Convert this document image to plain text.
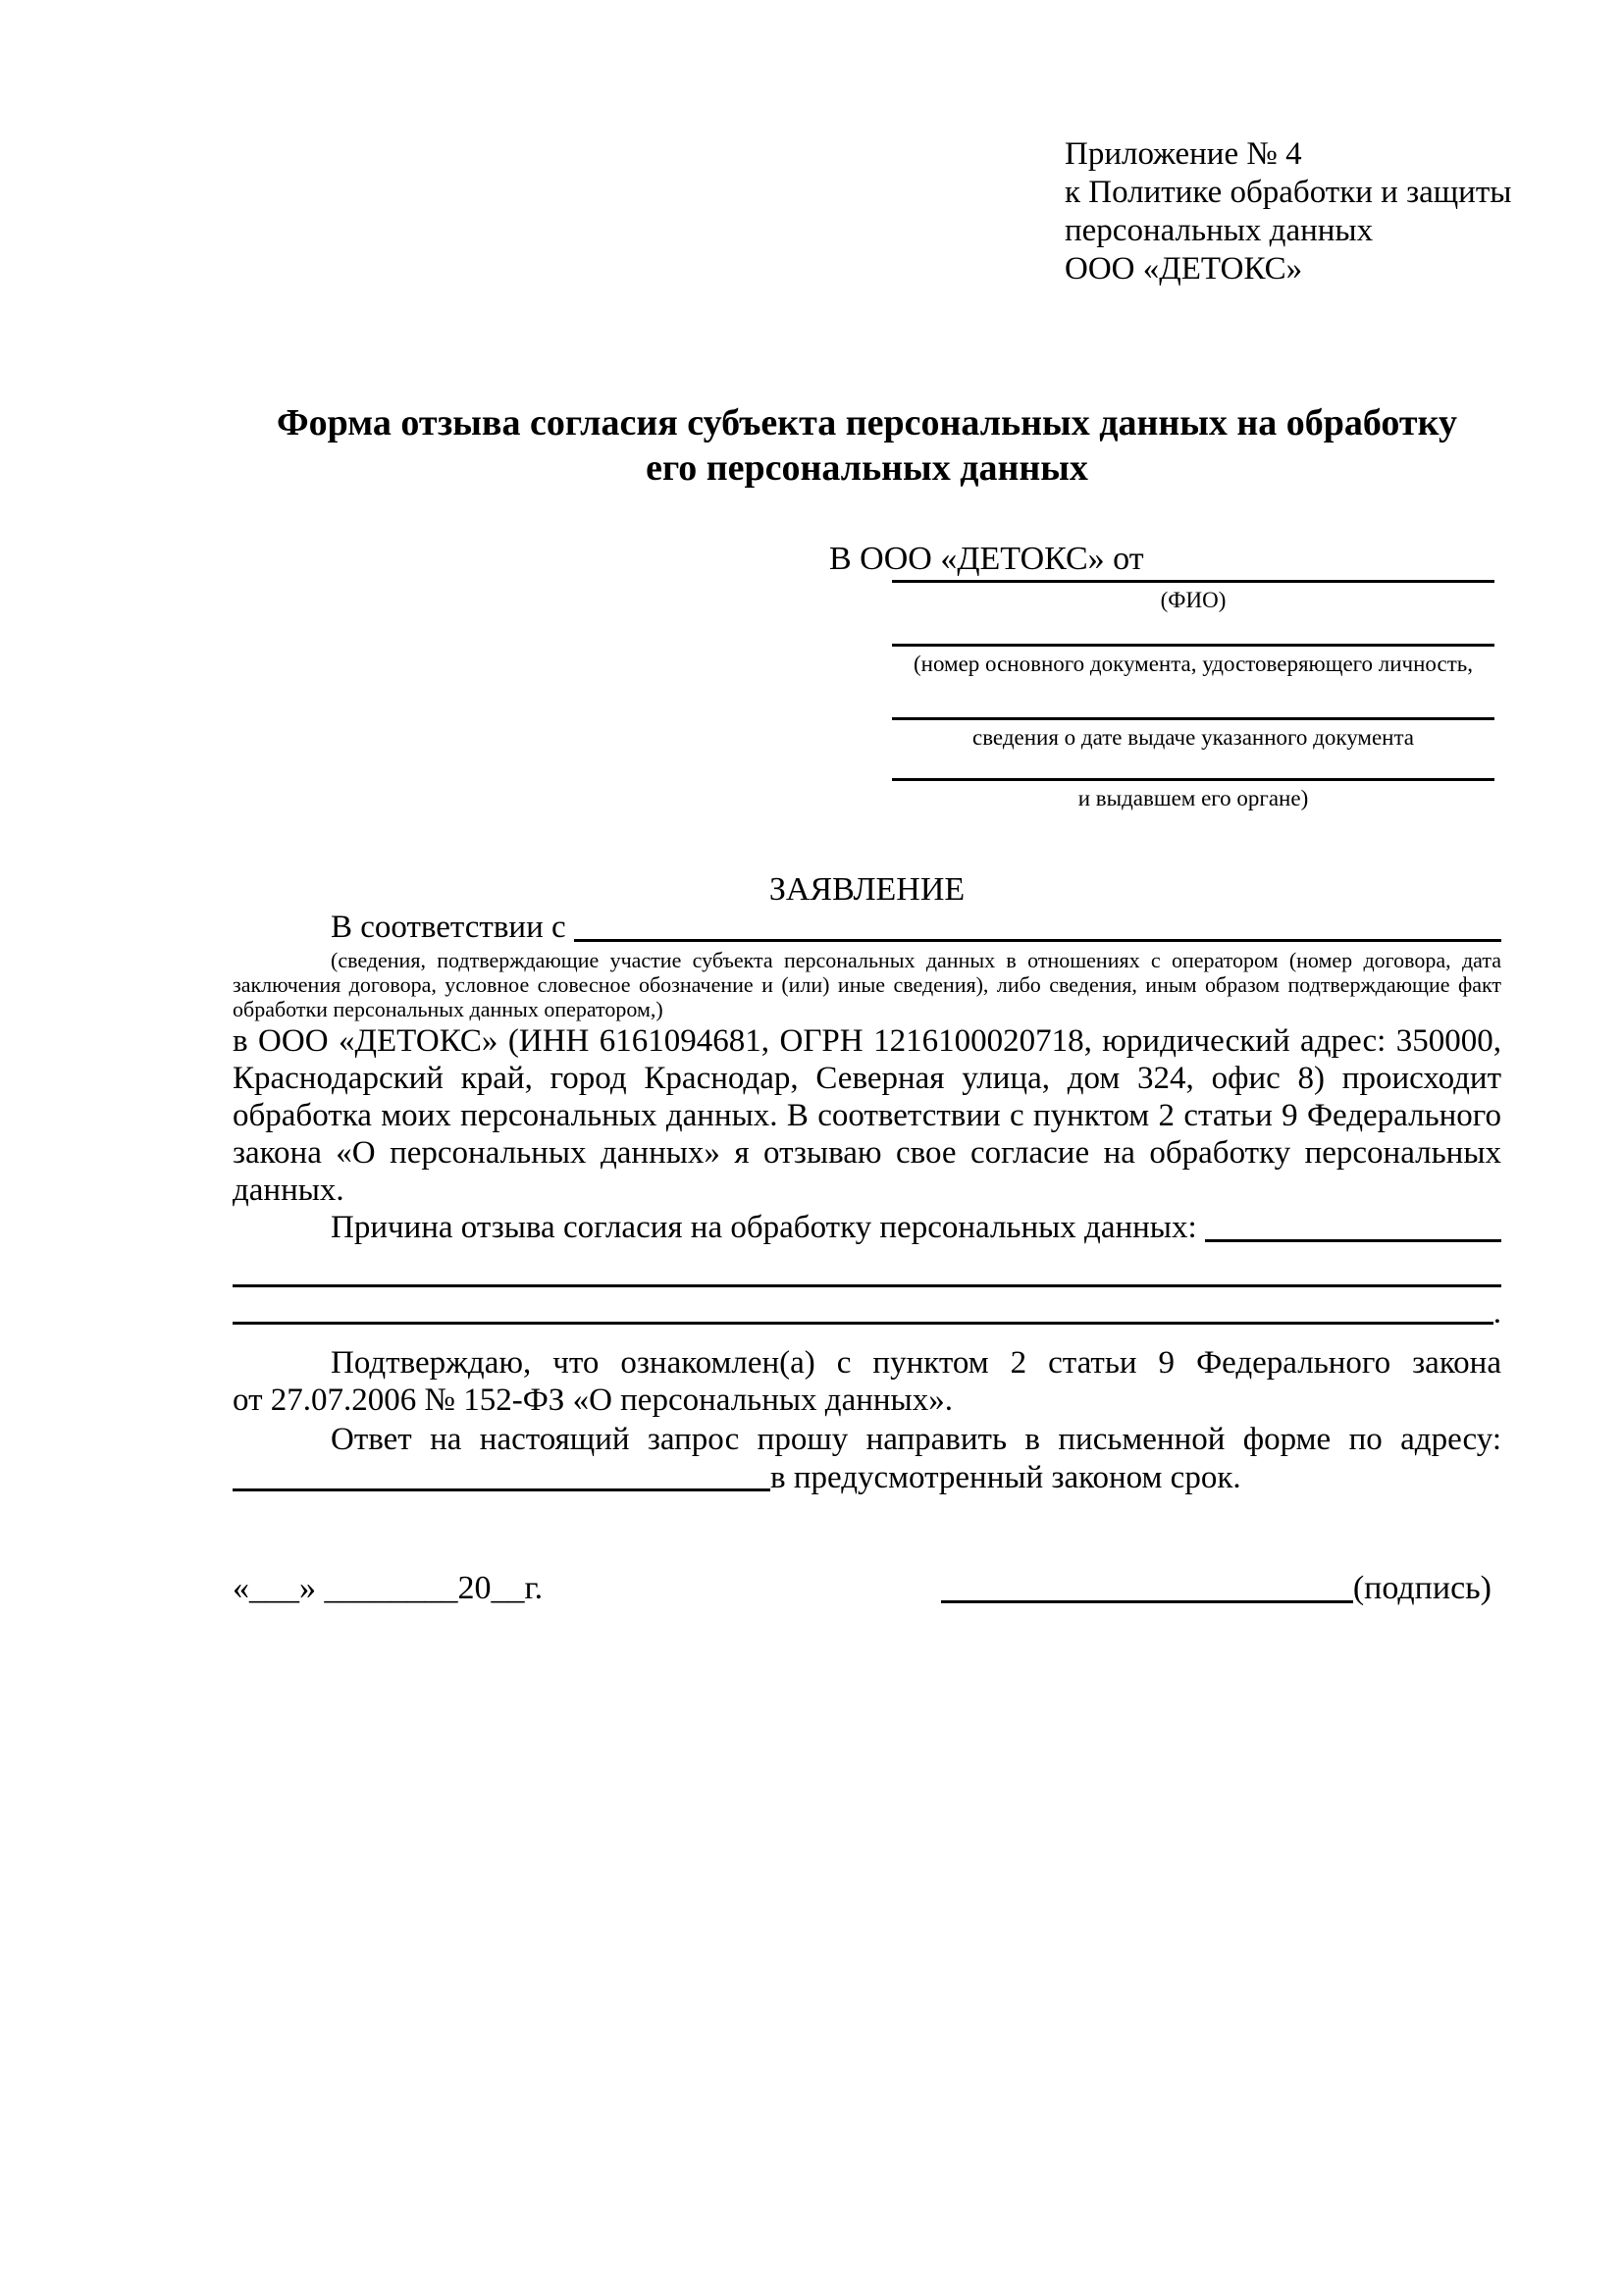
Приложение № 4
к Политике обработки и защиты
персональных данных
ООО «ДЕТОКС»
Форма отзыва согласия субъекта персональных данных на обработку
его персональных данных
В ООО «ДЕТОКС» от
(ФИО)
(номер основного документа, удостоверяющего личность,
сведения о дате выдаче указанного документа
и выдавшем его органе)
ЗАЯВЛЕНИЕ
В соответствии с
(сведения, подтверждающие участие субъекта персональных данных в отношениях с оператором (номер договора, дата
заключения договора, условное словесное обозначение и (или) иные сведения), либо сведения, иным образом подтверждающие факт
обработки персональных данных оператором,)
в ООО «ДЕТОКС» (ИНН 6161094681, ОГРН 1216100020718, юридический адрес: 350000,
Краснодарский край, город Краснодар, Северная улица, дом 324, офис 8) происходит
обработка моих персональных данных. В соответствии с пунктом 2 статьи 9 Федерального
закона «О персональных данных» я отзываю свое согласие на обработку персональных
данных.
Причина отзыва согласия на обработку персональных данных:
.
Подтверждаю, что ознакомлен(а) с пунктом 2 статьи 9 Федерального закона
от 27.07.2006 № 152-ФЗ «О персональных данных».
Ответ на настоящий запрос прошу направить в письменной форме по адресу:
в предусмотренный законом срок.
«___» ________20__г.	(подпись)
